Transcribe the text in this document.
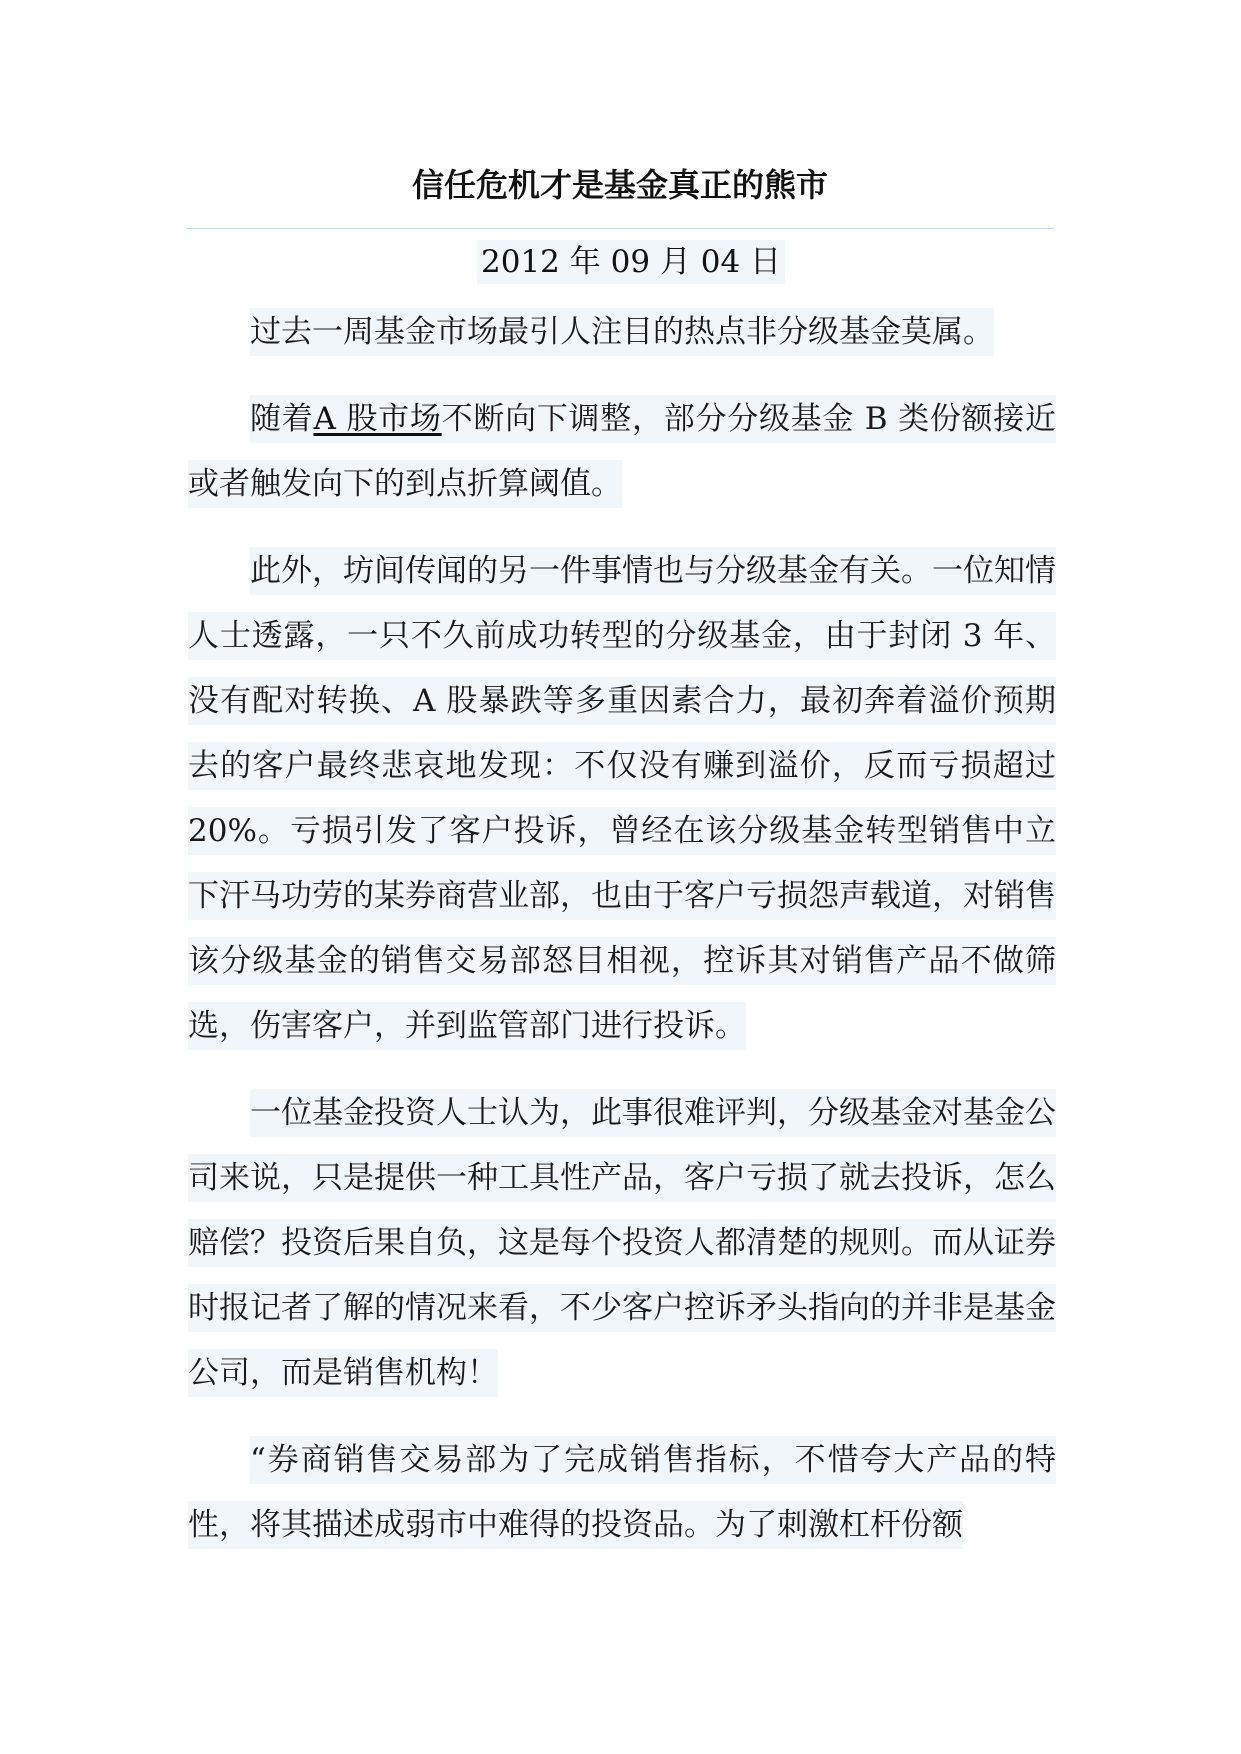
信任危机才是基金真正的熊市
2012 年 09 月 04 日

过去一周基金市场最引人注目的热点非分级基金莫属。

随着A 股市场不断向下调整，部分分级基金 B 类份额接近或者触发向下的到点折算阈值。

此外，坊间传闻的另一件事情也与分级基金有关。一位知情人士透露，一只不久前成功转型的分级基金，由于封闭 3 年、没有配对转换、A 股暴跌等多重因素合力，最初奔着溢价预期去的客户最终悲哀地发现：不仅没有赚到溢价，反而亏损超过 20%。亏损引发了客户投诉，曾经在该分级基金转型销售中立下汗马功劳的某券商营业部，也由于客户亏损怨声载道，对销售该分级基金的销售交易部怒目相视，控诉其对销售产品不做筛选，伤害客户，并到监管部门进行投诉。

一位基金投资人士认为，此事很难评判，分级基金对基金公司来说，只是提供一种工具性产品，客户亏损了就去投诉，怎么赔偿？投资后果自负，这是每个投资人都清楚的规则。而从证券时报记者了解的情况来看，不少客户控诉矛头指向的并非是基金公司，而是销售机构！

“券商销售交易部为了完成销售指标，不惜夸大产品的特性，将其描述成弱市中难得的投资品。为了刺激杠杆份额
